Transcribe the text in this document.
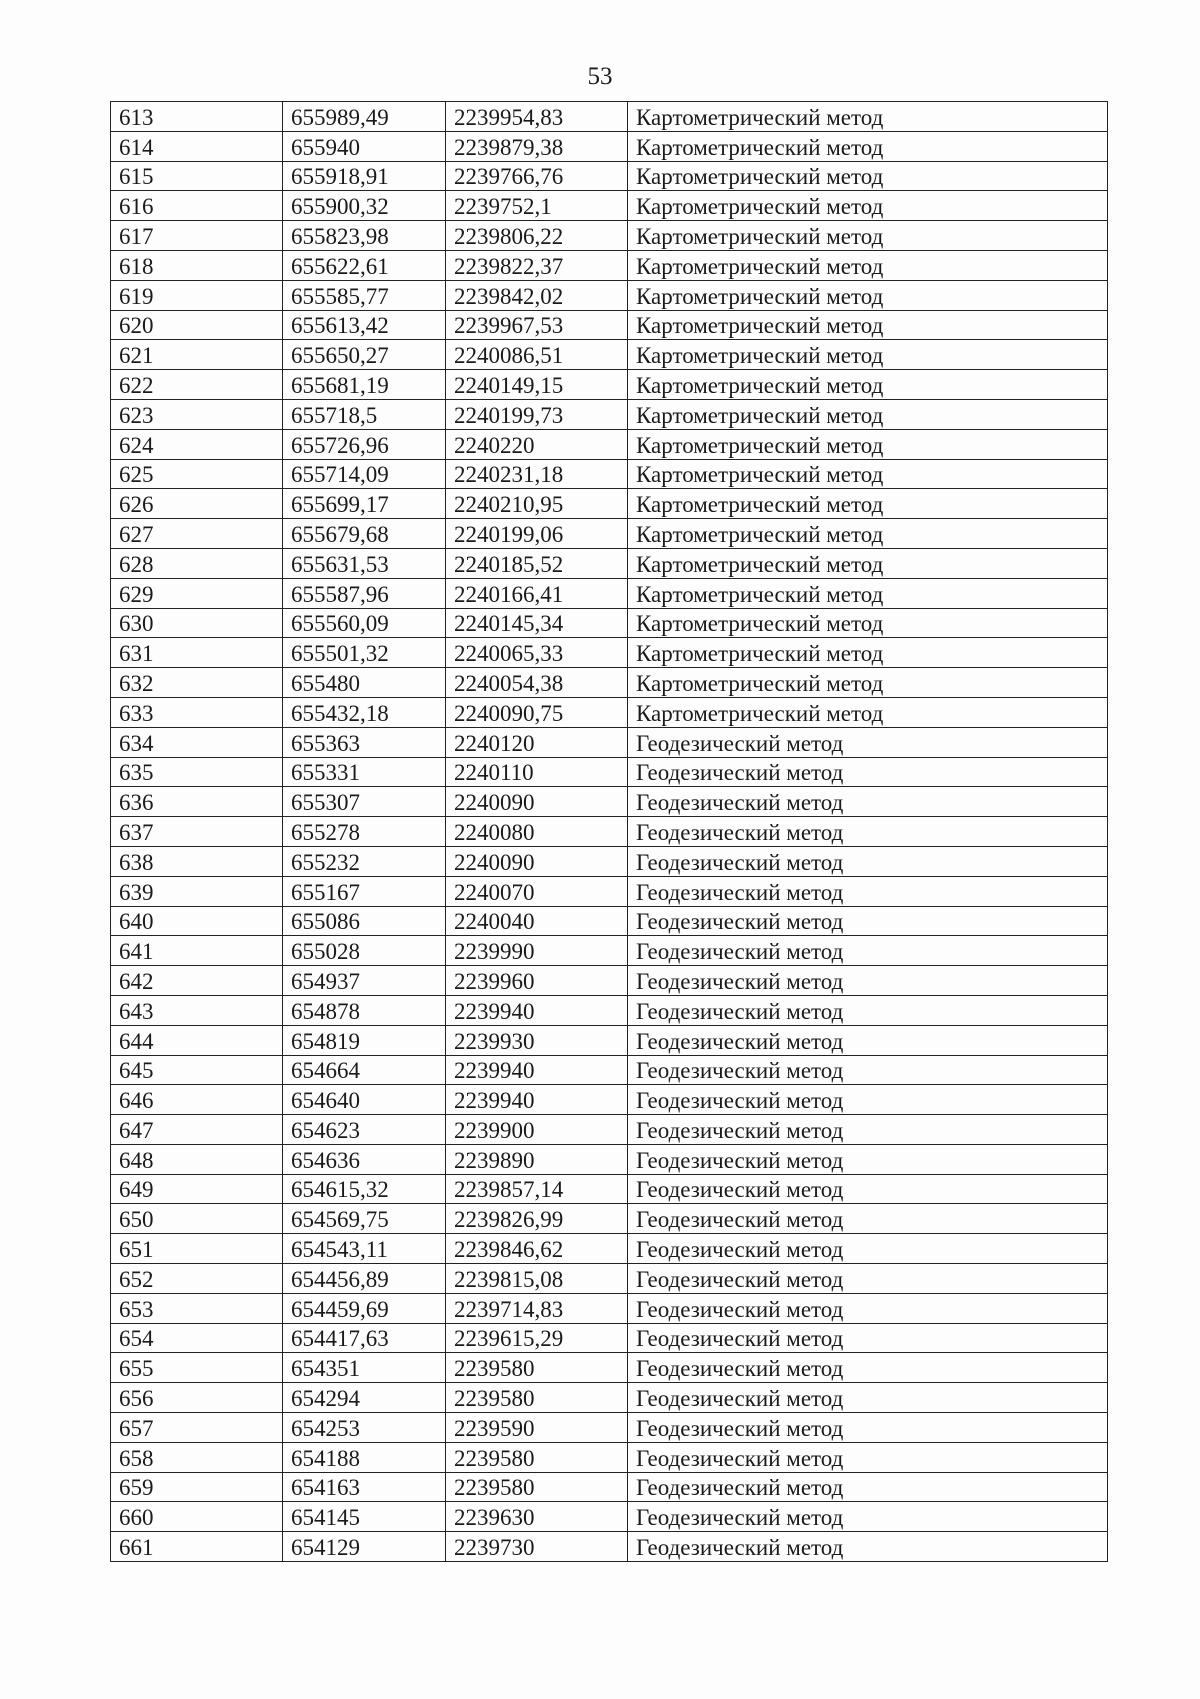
53
613	655989,49	2239954,83	Картометрический метод
614	655940	2239879,38	Картометрический метод
615	655918,91	2239766,76	Картометрический метод
616	655900,32	2239752,1	Картометрический метод
617	655823,98	2239806,22	Картометрический метод
618	655622,61	2239822,37	Картометрический метод
619	655585,77	2239842,02	Картометрический метод
620	655613,42	2239967,53	Картометрический метод
621	655650,27	2240086,51	Картометрический метод
622	655681,19	2240149,15	Картометрический метод
623	655718,5	2240199,73	Картометрический метод
624	655726,96	2240220	Картометрический метод
625	655714,09	2240231,18	Картометрический метод
626	655699,17	2240210,95	Картометрический метод
627	655679,68	2240199,06	Картометрический метод
628	655631,53	2240185,52	Картометрический метод
629	655587,96	2240166,41	Картометрический метод
630	655560,09	2240145,34	Картометрический метод
631	655501,32	2240065,33	Картометрический метод
632	655480	2240054,38	Картометрический метод
633	655432,18	2240090,75	Картометрический метод
634	655363	2240120	Геодезический метод
635	655331	2240110	Геодезический метод
636	655307	2240090	Геодезический метод
637	655278	2240080	Геодезический метод
638	655232	2240090	Геодезический метод
639	655167	2240070	Геодезический метод
640	655086	2240040	Геодезический метод
641	655028	2239990	Геодезический метод
642	654937	2239960	Геодезический метод
643	654878	2239940	Геодезический метод
644	654819	2239930	Геодезический метод
645	654664	2239940	Геодезический метод
646	654640	2239940	Геодезический метод
647	654623	2239900	Геодезический метод
648	654636	2239890	Геодезический метод
649	654615,32	2239857,14	Геодезический метод
650	654569,75	2239826,99	Геодезический метод
651	654543,11	2239846,62	Геодезический метод
652	654456,89	2239815,08	Геодезический метод
653	654459,69	2239714,83	Геодезический метод
654	654417,63	2239615,29	Геодезический метод
655	654351	2239580	Геодезический метод
656	654294	2239580	Геодезический метод
657	654253	2239590	Геодезический метод
658	654188	2239580	Геодезический метод
659	654163	2239580	Геодезический метод
660	654145	2239630	Геодезический метод
661	654129	2239730	Геодезический метод
